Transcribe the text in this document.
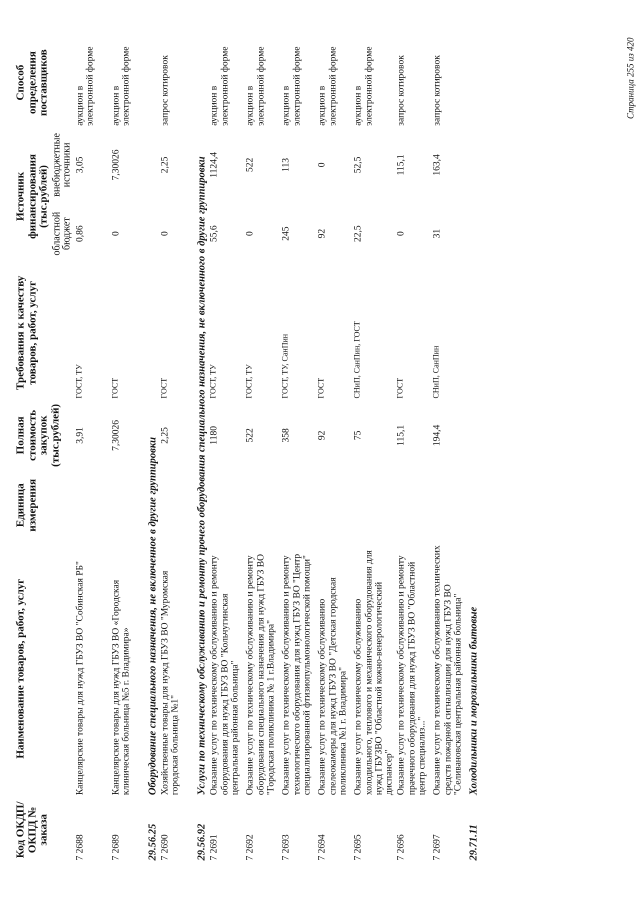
Код ОКДП/ ОКПД № заказа	Наименование товаров, работ, услуг	Единица измерения	Полная стоимость закупок (тыс.рублей)	Требования к качеству товаров, работ, услуг	Источник финансирования (тыс.рублей)		Способ определения поставщиков
					областной бюджет	внебюджетные источники	
7 2688	Канцелярские товары для нужд ГБУЗ ВО "Собинская РБ"		3,91	ГОСТ, ТУ	0,86	3,05	аукцион в электронной форме
7 2689	Канцелярские товары для нужд ГБУЗ ВО «Городская клиническая больница №5 г. Владимира»		7,30026	ГОСТ	0	7,30026	аукцион в электронной форме
29.56.25	Оборудование специального назначения, не включенное в другие группировки						
7 2690	Хозяйственные товары для нужд ГБУЗ ВО "Муромская городская больница №1"		2,25	ГОСТ	0	2,25	запрос котировок
29.56.92	Услуги по техническому обслуживанию и ремонту прочего оборудования специального назначения, не включенного в другие группировки						
7 2691	Оказание услуг по техническому обслуживанию и ремонту оборудования для нужд ГБУЗ ВО "Кольчугинская центральная районная больница"		1180	ГОСТ, ТУ	55,6	1124,4	аукцион в электронной форме
7 2692	Оказание услуг по техническому обслуживанию и ремонту оборудования специального назначения для нужд ГБУЗ ВО "Городская поликлиника № 1 г.Владимира"		522	ГОСТ, ТУ	0	522	аукцион в электронной форме
7 2693	Оказание услуг по техническому обслуживанию и ремонту технологического оборудования для нужд ГБУЗ ВО "Центр специализированной фтизиопульмонологической помощи"		358	ГОСТ, ТУ, СанПин	245	113	аукцион в электронной форме
7 2694	Оказание услуг по техническому обслуживанию спелеокамеры для нужд ГБУЗ ВО "Детская городская поликлиника №1 г. Владимира"		92	ГОСТ	92	0	аукцион в электронной форме
7 2695	Оказание услуг по техническому обслуживанию холодильного, теплового и механического оборудования для нужд ГБУЗВО "Областной кожно-венерологический диспансер"		75	СНиП, СанПин, ГОСТ	22,5	52,5	аукцион в электронной форме
7 2696	Оказание услуг по техническому обслуживанию и ремонту прачечного оборудования для нужд ГБУЗ ВО "Областной центр специализ..."		115,1	ГОСТ	0	115,1	запрос котировок
7 2697	Оказание услуг по техническому обслуживанию технических средств пожарной сигнализации для нужд ГБУЗ ВО "Селивановская центральная районная больница"		194,4	СНиП, СанПин	31	163,4	запрос котировок
29.71.11	Холодильники и морозильники бытовые						
Страница 255 из 420
